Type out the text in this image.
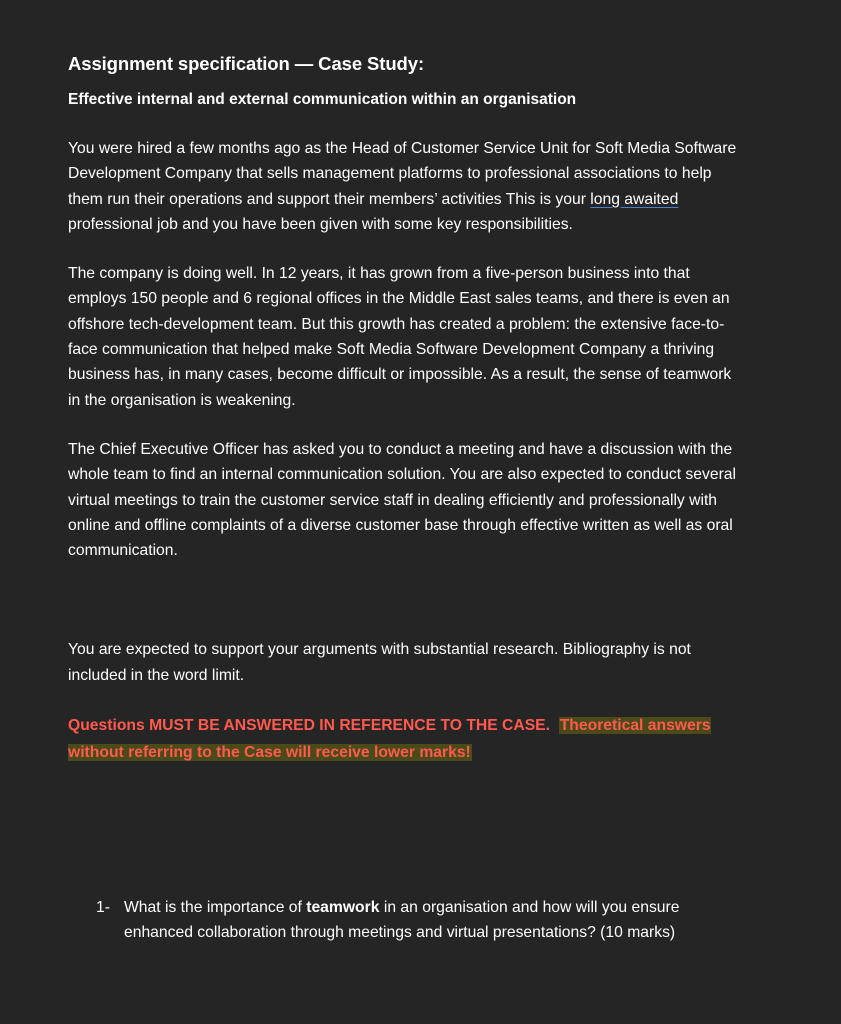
Assignment specification — Case Study:
Effective internal and external communication within an organisation

You were hired a few months ago as the Head of Customer Service Unit for Soft Media Software Development Company that sells management platforms to professional associations to help them run their operations and support their members’ activities This is your long awaited professional job and you have been given with some key responsibilities.

The company is doing well. In 12 years, it has grown from a five-person business into that employs 150 people and 6 regional offices in the Middle East sales teams, and there is even an offshore tech-development team. But this growth has created a problem: the extensive face-to-face communication that helped make Soft Media Software Development Company a thriving business has, in many cases, become difficult or impossible. As a result, the sense of teamwork in the organisation is weakening.

The Chief Executive Officer has asked you to conduct a meeting and have a discussion with the whole team to find an internal communication solution. You are also expected to conduct several virtual meetings to train the customer service staff in dealing efficiently and professionally with online and offline complaints of a diverse customer base through effective written as well as oral communication.

You are expected to support your arguments with substantial research. Bibliography is not included in the word limit.

Questions MUST BE ANSWERED IN REFERENCE TO THE CASE. Theoretical answers without referring to the Case will receive lower marks!

1- What is the importance of teamwork in an organisation and how will you ensure enhanced collaboration through meetings and virtual presentations? (10 marks)
